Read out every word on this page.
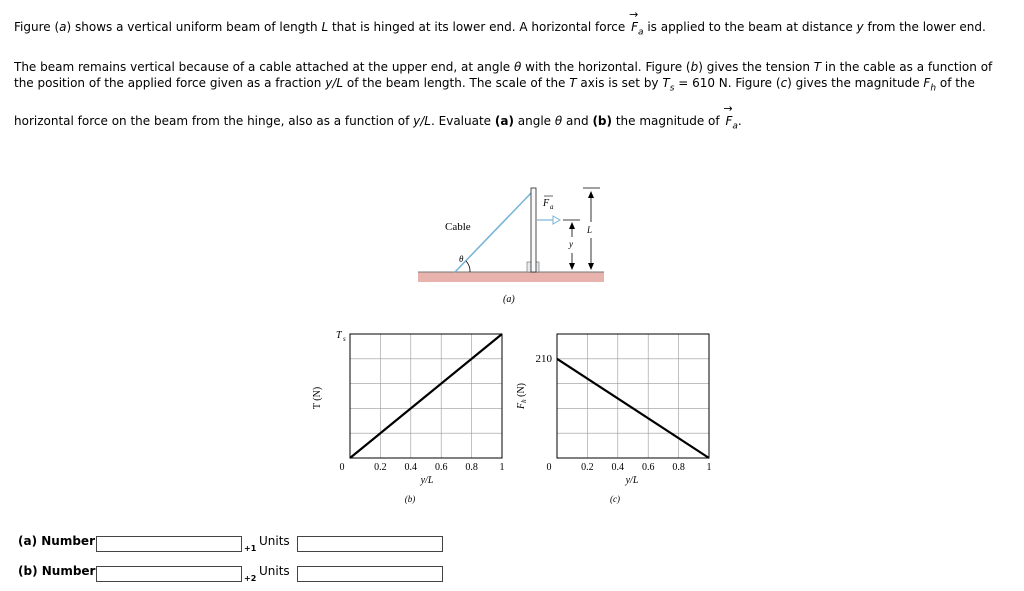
Figure (a) shows a vertical uniform beam of length L that is hinged at its lower end. A horizontal force → $F_a$ is applied to the beam at distance y from the lower end.
The beam remains vertical because of a cable attached at the upper end, at angle θ with the horizontal. Figure (b) gives the tension T in the cable as a function of
the position of the applied force given as a fraction y/L of the beam length. The scale of the T axis is set by $T_s = 610$ N. Figure (c) gives the magnitude $F_h$ of the
horizontal force on the beam from the hinge, also as a function of y/L. Evaluate (a) angle θ and (b) the magnitude of → $F_a$.
Cable
θ
F a
y
L
(a)
T s
T (N)
0	0.2 0.4 0.6 0.8 1
y/L
(b)
210
$F_h$ (N)
0	0.2 0.4 0.6 0.8 1
y/L
(c)
(a) Number
+1
Units
(b) Number
+2
Units
